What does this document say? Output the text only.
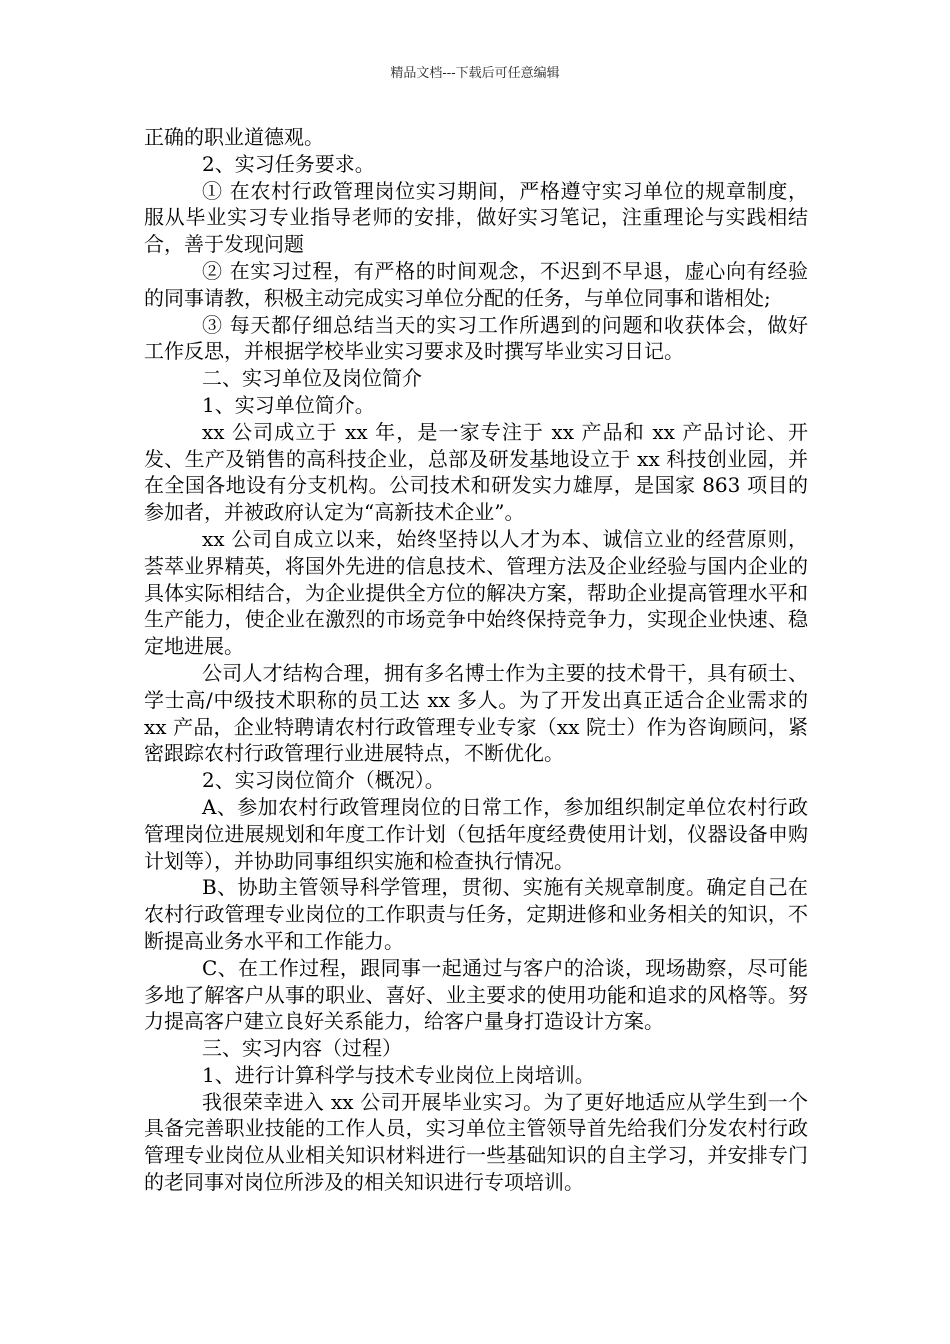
精品文档---下载后可任意编辑

正确的职业道德观。

2、实习任务要求。

① 在农村行政管理岗位实习期间，严格遵守实习单位的规章制度，服从毕业实习专业指导老师的安排，做好实习笔记，注重理论与实践相结合，善于发现问题

② 在实习过程，有严格的时间观念，不迟到不早退，虚心向有经验的同事请教，积极主动完成实习单位分配的任务，与单位同事和谐相处;

③ 每天都仔细总结当天的实习工作所遇到的问题和收获体会，做好工作反思，并根据学校毕业实习要求及时撰写毕业实习日记。

二、实习单位及岗位简介

1、实习单位简介。

xx 公司成立于 xx 年，是一家专注于 xx 产品和 xx 产品讨论、开发、生产及销售的高科技企业，总部及研发基地设立于 xx 科技创业园，并在全国各地设有分支机构。公司技术和研发实力雄厚，是国家 863 项目的参加者，并被政府认定为“高新技术企业”。

xx 公司自成立以来，始终坚持以人才为本、诚信立业的经营原则，荟萃业界精英，将国外先进的信息技术、管理方法及企业经验与国内企业的具体实际相结合，为企业提供全方位的解决方案，帮助企业提高管理水平和生产能力，使企业在激烈的市场竞争中始终保持竞争力，实现企业快速、稳定地进展。

公司人才结构合理，拥有多名博士作为主要的技术骨干，具有硕士、学士高/中级技术职称的员工达 xx 多人。为了开发出真正适合企业需求的 xx 产品，企业特聘请农村行政管理专业专家（xx 院士）作为咨询顾问，紧密跟踪农村行政管理行业进展特点，不断优化。

2、实习岗位简介（概况）。

A、参加农村行政管理岗位的日常工作，参加组织制定单位农村行政管理岗位进展规划和年度工作计划（包括年度经费使用计划，仪器设备申购计划等），并协助同事组织实施和检查执行情况。

B、协助主管领导科学管理，贯彻、实施有关规章制度。确定自己在农村行政管理专业岗位的工作职责与任务，定期进修和业务相关的知识，不断提高业务水平和工作能力。

C、在工作过程，跟同事一起通过与客户的洽谈，现场勘察，尽可能多地了解客户从事的职业、喜好、业主要求的使用功能和追求的风格等。努力提高客户建立良好关系能力，给客户量身打造设计方案。

三、实习内容（过程）

1、进行计算科学与技术专业岗位上岗培训。

我很荣幸进入 xx 公司开展毕业实习。为了更好地适应从学生到一个具备完善职业技能的工作人员，实习单位主管领导首先给我们分发农村行政管理专业岗位从业相关知识材料进行一些基础知识的自主学习，并安排专门的老同事对岗位所涉及的相关知识进行专项培训。
